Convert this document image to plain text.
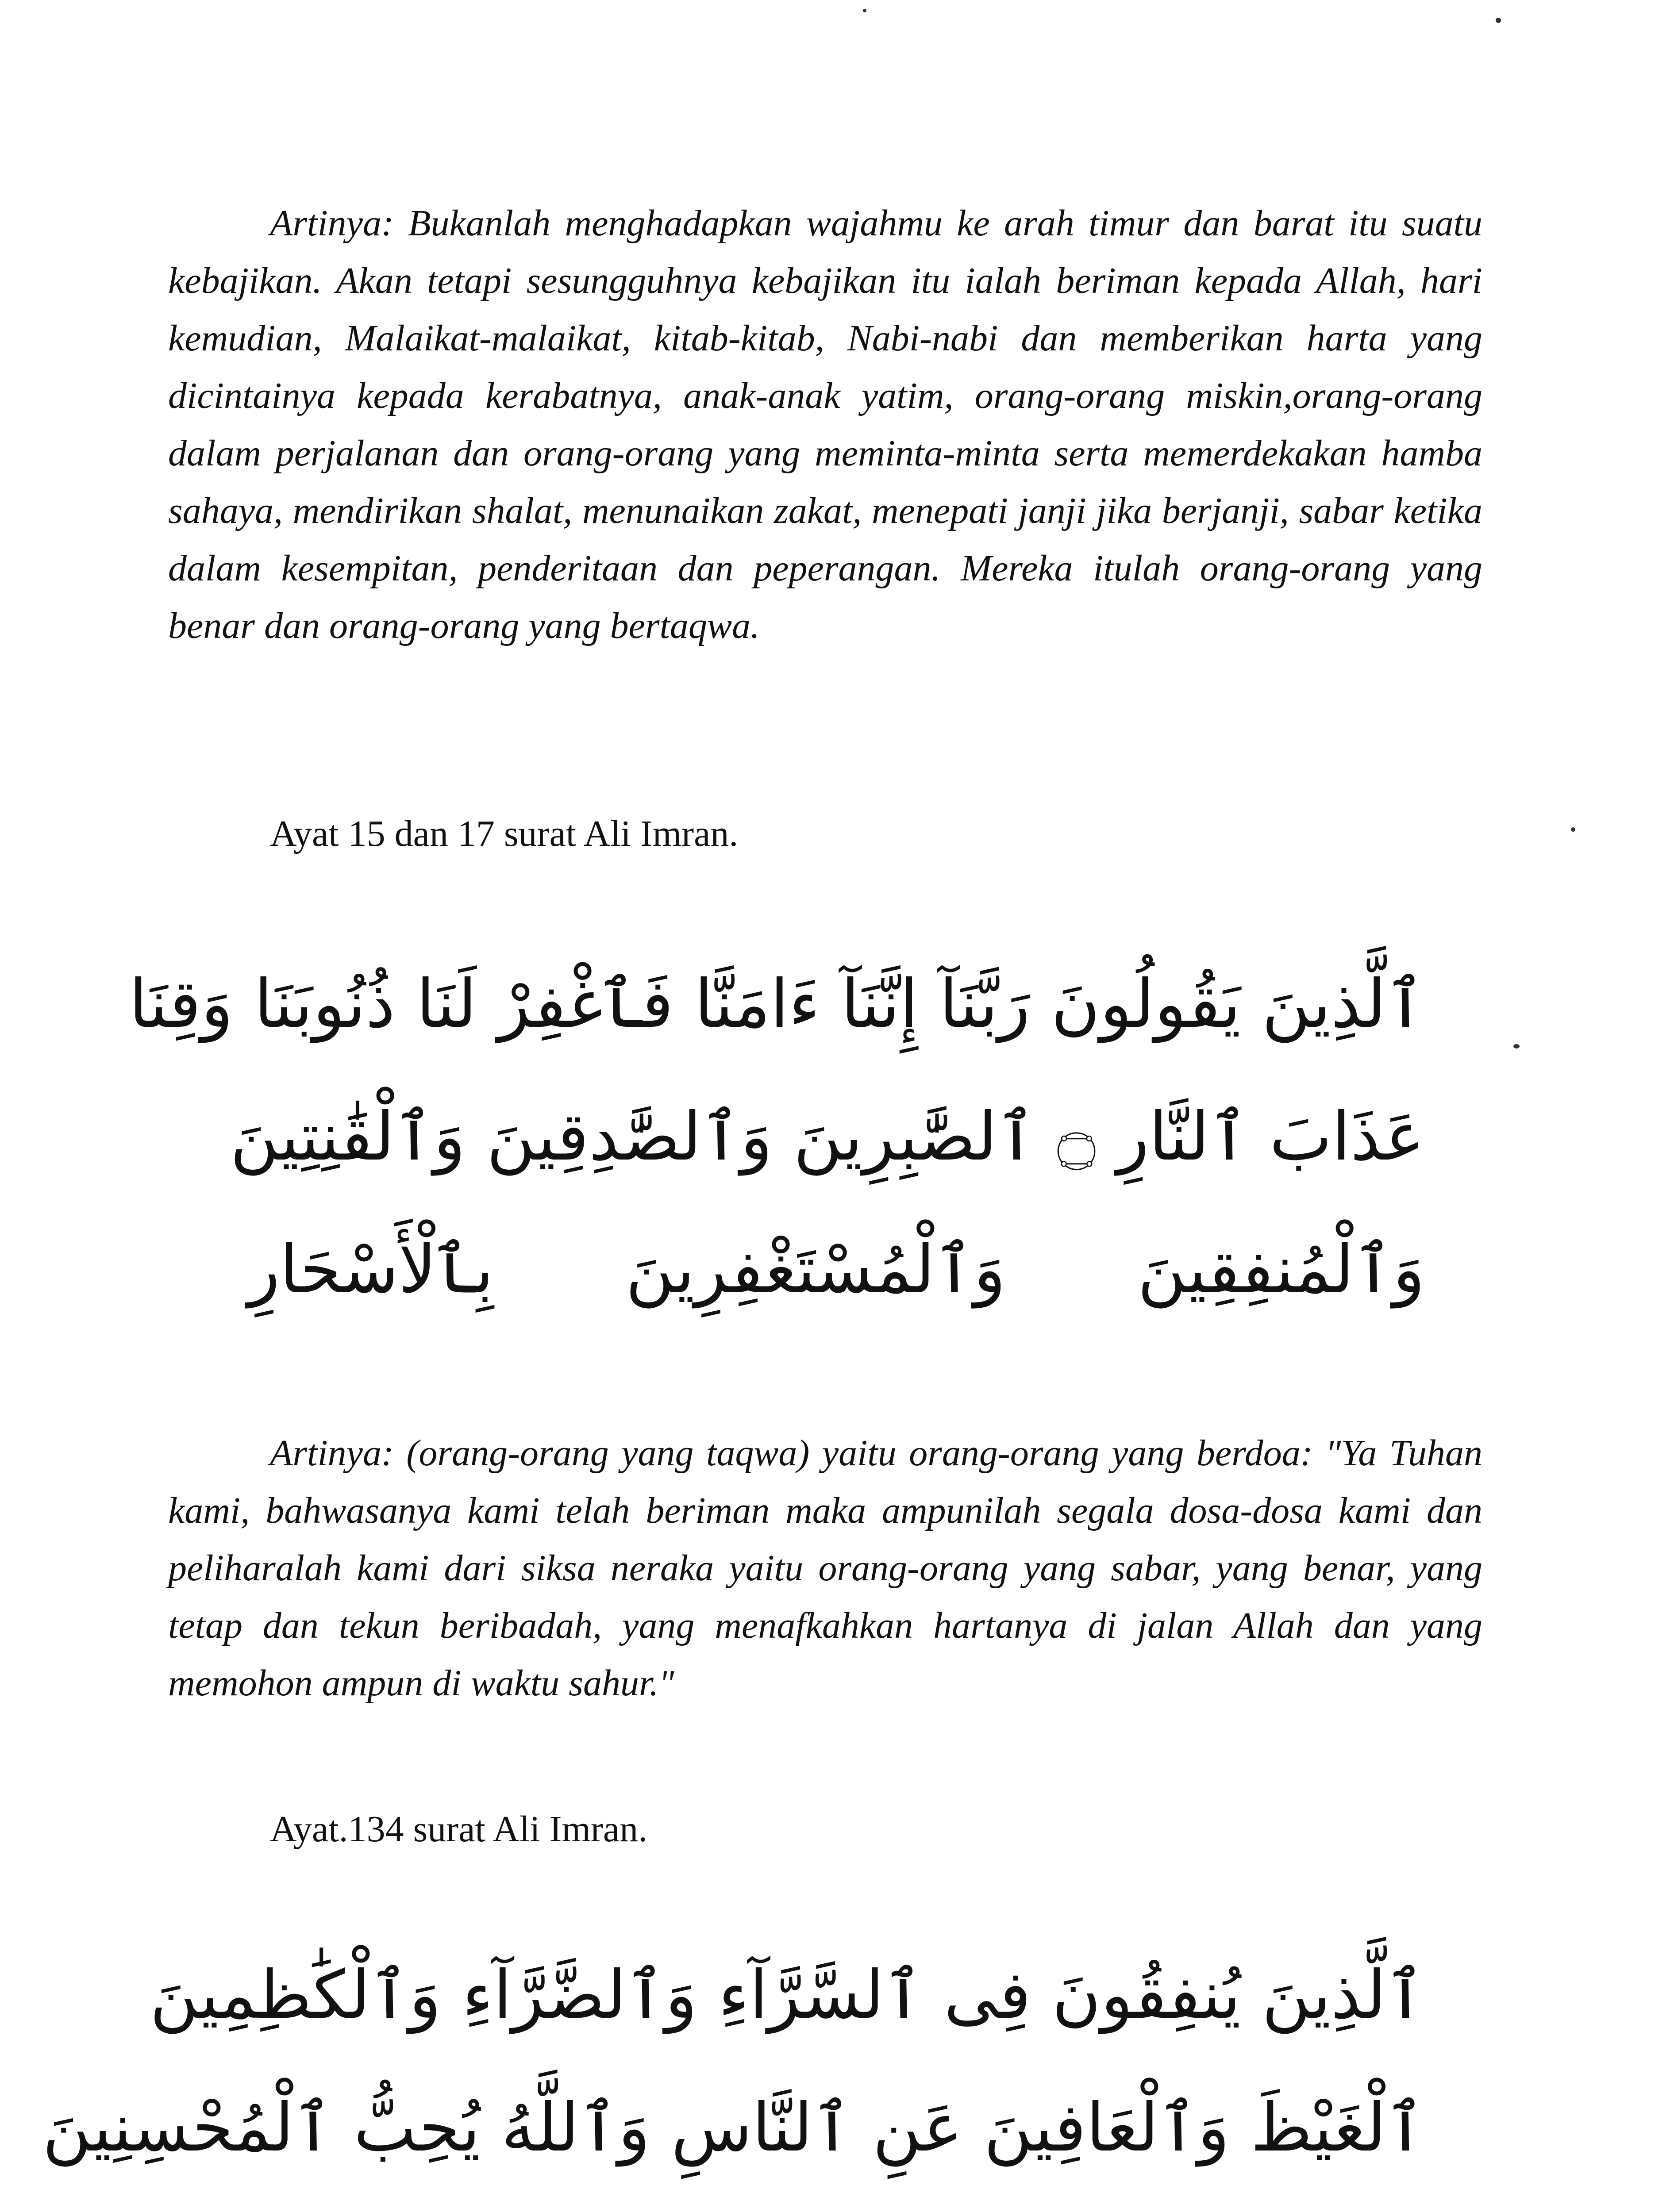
Artinya: Bukanlah menghadapkan wajahmu ke arah timur dan barat itu suatu kebajikan. Akan tetapi sesungguhnya kebajikan itu ialah beriman kepada Allah, hari kemudian, Malaikat-malaikat, kitab-kitab, Nabi-nabi dan memberikan harta yang dicintainya kepada kerabatnya, anak-anak yatim, orang-orang miskin,orang-orang dalam perjalanan dan orang-orang yang meminta-minta serta memerdekakan hamba sahaya, mendirikan shalat, menunaikan zakat, menepati janji jika berjanji, sabar ketika dalam kesempitan, penderitaan dan peperangan. Mereka itulah orang-orang yang benar dan orang-orang yang bertaqwa.

Ayat 15 dan 17 surat Ali Imran.

ٱلَّذِينَ يَقُولُونَ رَبَّنَآ إِنَّنَآ ءَامَنَّا فَٱغْفِرْ لَنَا ذُنُوبَنَا وَقِنَا
عَذَابَ ٱلنَّارِ ۝ ٱلصَّٰبِرِينَ وَٱلصَّٰدِقِينَ وَٱلْقَٰنِتِينَ
وَٱلْمُنفِقِينَ وَٱلْمُسْتَغْفِرِينَ بِٱلْأَسْحَارِ

Artinya: (orang-orang yang taqwa) yaitu orang-orang yang berdoa: "Ya Tuhan kami, bahwasanya kami telah beriman maka ampunilah segala dosa-dosa kami dan peliharalah kami dari siksa neraka yaitu orang-orang yang sabar, yang benar, yang tetap dan tekun beribadah, yang menafkahkan hartanya di jalan Allah dan yang memohon ampun di waktu sahur."

Ayat.134 surat Ali Imran.

ٱلَّذِينَ يُنفِقُونَ فِى ٱلسَّرَّآءِ وَٱلضَّرَّآءِ وَٱلْكَٰظِمِينَ
ٱلْغَيْظَ وَٱلْعَافِينَ عَنِ ٱلنَّاسِ وَٱللَّهُ يُحِبُّ ٱلْمُحْسِنِينَ
